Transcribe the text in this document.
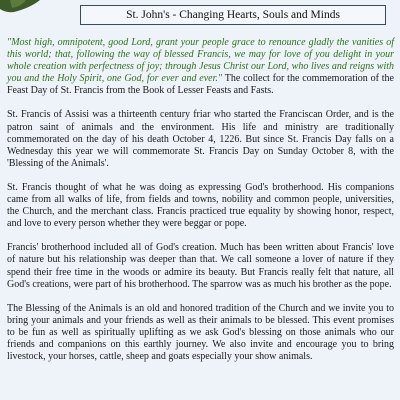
St. John's - Changing Hearts, Souls and Minds

"Most high, omnipotent, good Lord, grant your people grace to renounce gladly the vanities of this world; that, following the way of blessed Francis, we may for love of you delight in your whole creation with perfectness of joy; through Jesus Christ our Lord, who lives and reigns with you and the Holy Spirit, one God, for ever and ever." The collect for the commemoration of the Feast Day of St. Francis from the Book of Lesser Feasts and Fasts.

St. Francis of Assisi was a thirteenth century friar who started the Franciscan Order, and is the patron saint of animals and the environment. His life and ministry are traditionally commemorated on the day of his death October 4, 1226. But since St. Francis Day falls on a Wednesday this year we will commemorate St. Francis Day on Sunday October 8, with the 'Blessing of the Animals'.

St. Francis thought of what he was doing as expressing God's brotherhood. His companions came from all walks of life, from fields and towns, nobility and common people, universities, the Church, and the merchant class. Francis practiced true equality by showing honor, respect, and love to every person whether they were beggar or pope.

Francis' brotherhood included all of God's creation. Much has been written about Francis' love of nature but his relationship was deeper than that. We call someone a lover of nature if they spend their free time in the woods or admire its beauty. But Francis really felt that nature, all God's creations, were part of his brotherhood. The sparrow was as much his brother as the pope.

The Blessing of the Animals is an old and honored tradition of the Church and we invite you to bring your animals and your friends as well as their animals to be blessed. This event promises to be fun as well as spiritually uplifting as we ask God's blessing on those animals who our friends and companions on this earthly journey. We also invite and encourage you to bring livestock, your horses, cattle, sheep and goats especially your show animals.
